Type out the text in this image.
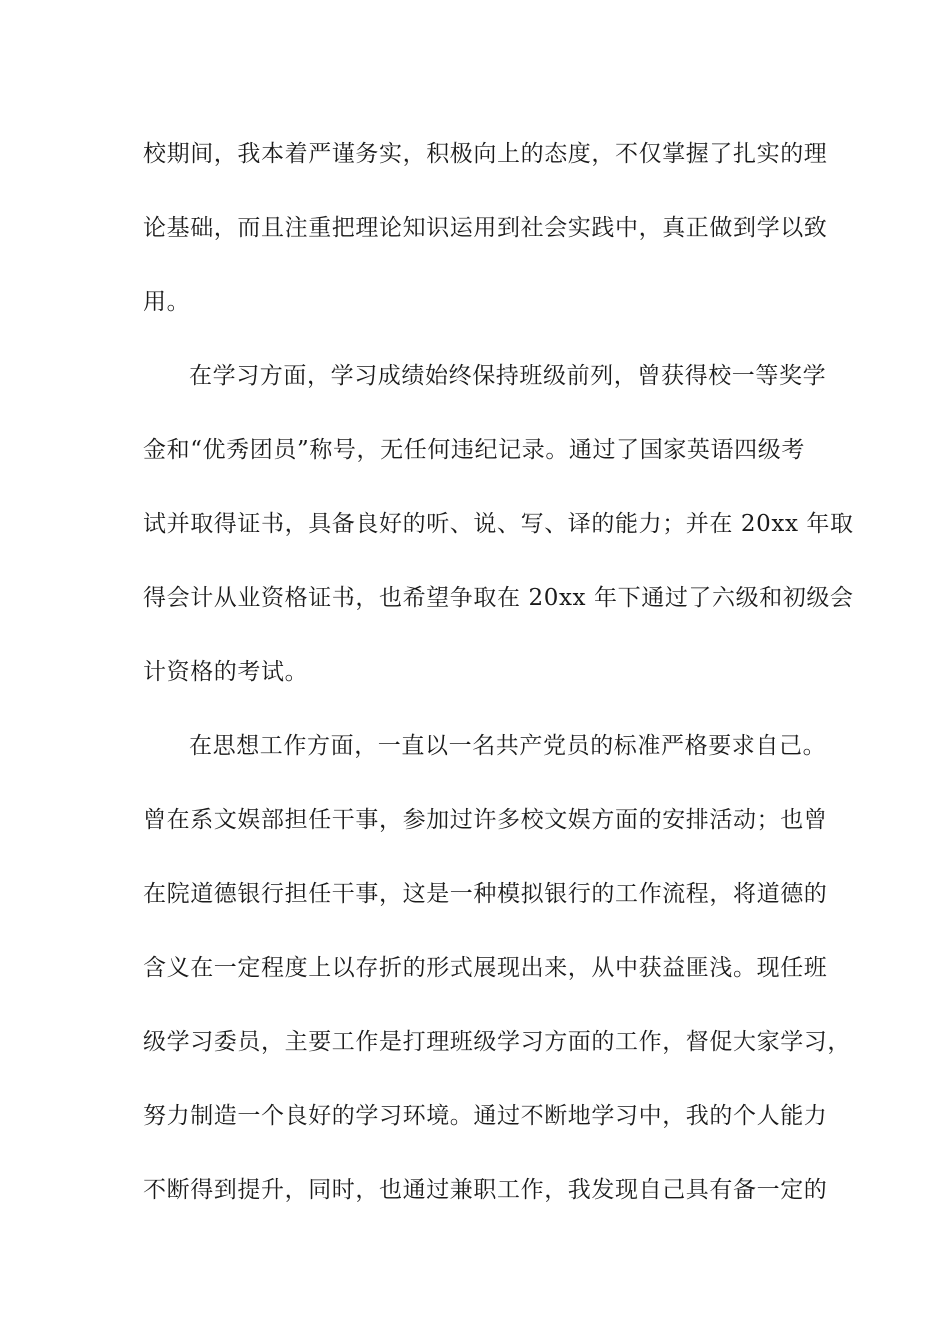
校期间，我本着严谨务实，积极向上的态度，不仅掌握了扎实的理
论基础，而且注重把理论知识运用到社会实践中，真正做到学以致
用。
在学习方面，学习成绩始终保持班级前列，曾获得校一等奖学
金和“优秀团员”称号，无任何违纪记录。通过了国家英语四级考
试并取得证书，具备良好的听、说、写、译的能力；并在 20xx 年取
得会计从业资格证书，也希望争取在 20xx 年下通过了六级和初级会
计资格的考试。
在思想工作方面，一直以一名共产党员的标准严格要求自己。
曾在系文娱部担任干事，参加过许多校文娱方面的安排活动；也曾
在院道德银行担任干事，这是一种模拟银行的工作流程，将道德的
含义在一定程度上以存折的形式展现出来，从中获益匪浅。现任班
级学习委员，主要工作是打理班级学习方面的工作，督促大家学习，
努力制造一个良好的学习环境。通过不断地学习中，我的个人能力
不断得到提升，同时，也通过兼职工作，我发现自己具有备一定的
